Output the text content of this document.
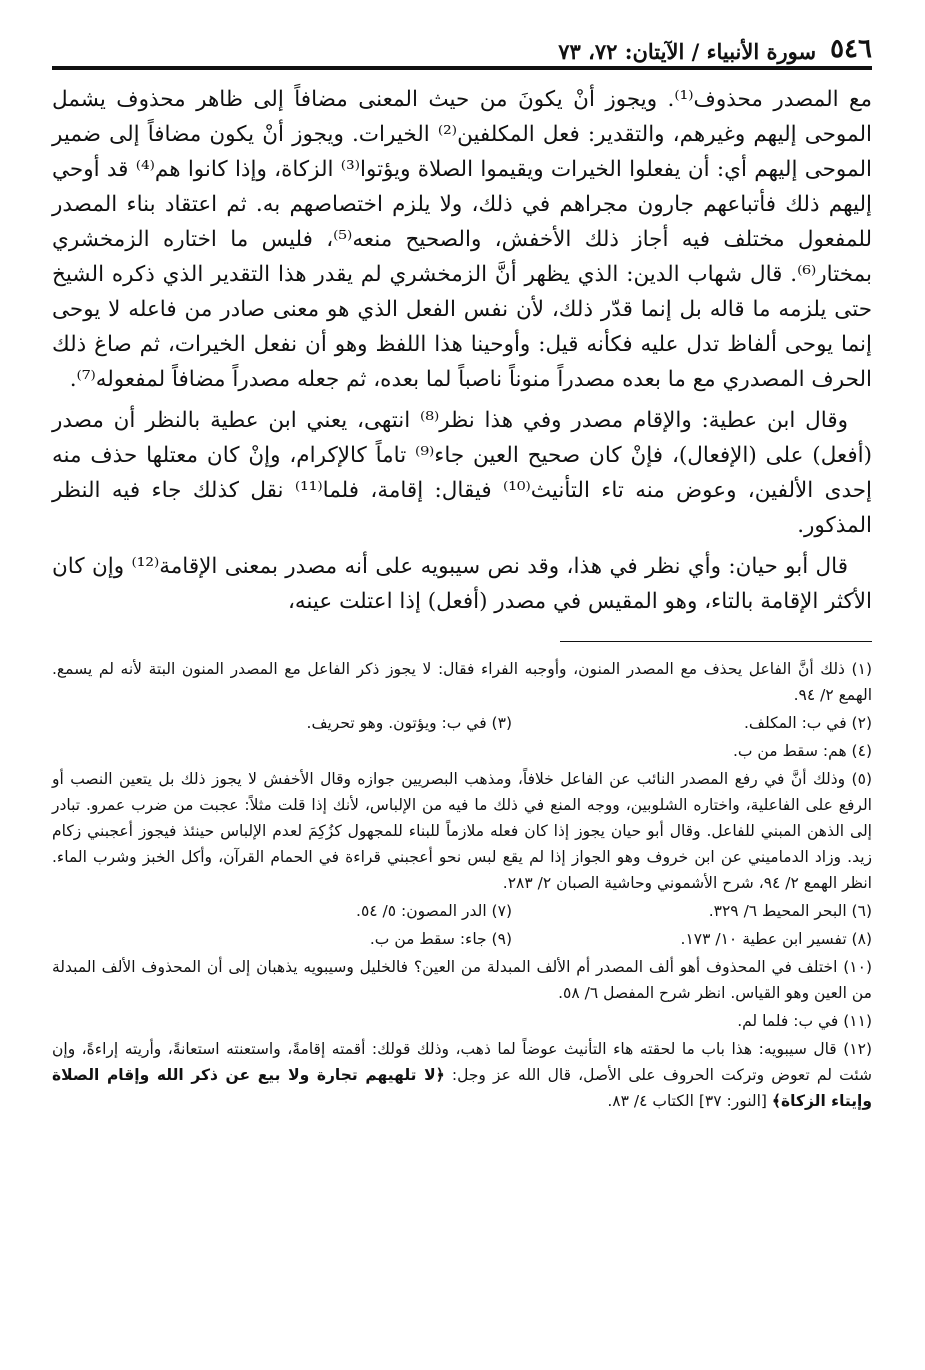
٥٤٦
سورة الأنبياء / الآيتان: ٧٢، ٧٣

مع المصدر محذوف⁽¹⁾. ويجوز أنْ يكونَ من حيث المعنى مضافاً إلى ظاهر محذوف يشمل الموحى إليهم وغيرهم، والتقدير: فعل المكلفين⁽²⁾ الخيرات. ويجوز أنْ يكون مضافاً إلى ضمير الموحى إليهم أي: أن يفعلوا الخيرات ويقيموا الصلاة ويؤتوا⁽³⁾ الزكاة، وإذا كانوا هم⁽⁴⁾ قد أوحي إليهم ذلك فأتباعهم جارون مجراهم في ذلك، ولا يلزم اختصاصهم به. ثم اعتقاد بناء المصدر للمفعول مختلف فيه أجاز ذلك الأخفش، والصحيح منعه⁽⁵⁾، فليس ما اختاره الزمخشري بمختار⁽⁶⁾. قال شهاب الدين: الذي يظهر أنَّ الزمخشري لم يقدر هذا التقدير الذي ذكره الشيخ حتى يلزمه ما قاله بل إنما قدّر ذلك، لأن نفس الفعل الذي هو معنى صادر من فاعله لا يوحى إنما يوحى ألفاظ تدل عليه فكأنه قيل: وأوحينا هذا اللفظ وهو أن نفعل الخيرات، ثم صاغ ذلك الحرف المصدري مع ما بعده مصدراً منوناً ناصباً لما بعده، ثم جعله مصدراً مضافاً لمفعوله⁽⁷⁾.

وقال ابن عطية: والإقام مصدر وفي هذا نظر⁽⁸⁾ انتهى، يعني ابن عطية بالنظر أن مصدر (أفعل) على (الإفعال)، فإنْ كان صحيح العين جاء⁽⁹⁾ تاماً كالإكرام، وإنْ كان معتلها حذف منه إحدى الألفين، وعوض منه تاء التأنيث⁽¹⁰⁾ فيقال: إقامة، فلما⁽¹¹⁾ نقل كذلك جاء فيه النظر المذكور.

قال أبو حيان: وأي نظر في هذا، وقد نص سيبويه على أنه مصدر بمعنى الإقامة⁽¹²⁾ وإن كان الأكثر الإقامة بالتاء، وهو المقيس في مصدر (أفعل) إذا اعتلت عينه،

(١) ذلك أنَّ الفاعل يحذف مع المصدر المنون، وأوجبه الفراء فقال: لا يجوز ذكر الفاعل مع المصدر المنون البتة لأنه لم يسمع. الهمع ٢/ ٩٤.

(٢) في ب: المكلف.
(٣) في ب: ويؤتون. وهو تحريف.

(٤) هم: سقط من ب.

(٥) وذلك أنَّ في رفع المصدر النائب عن الفاعل خلافاً، ومذهب البصريين جوازه وقال الأخفش لا يجوز ذلك بل يتعين النصب أو الرفع على الفاعلية، واختاره الشلوبين، ووجه المنع في ذلك ما فيه من الإلباس، لأنك إذا قلت مثلاً: عجبت من ضرب عمرو. تبادر إلى الذهن المبني للفاعل. وقال أبو حيان يجوز إذا كان فعله ملازماً للبناء للمجهول كزُكِمَ لعدم الإلباس حينئذ فيجوز أعجبني زكام زيد. وزاد الدماميني عن ابن خروف وهو الجواز إذا لم يقع لبس نحو أعجبني قراءة في الحمام القرآن، وأكل الخبز وشرب الماء. انظر الهمع ٢/ ٩٤، شرح الأشموني وحاشية الصبان ٢/ ٢٨٣.

(٦) البحر المحيط ٦/ ٣٢٩.
(٧) الدر المصون: ٥/ ٥٤.
(٨) تفسير ابن عطية ١٠/ ١٧٣.
(٩) جاء: سقط من ب.

(١٠) اختلف في المحذوف أهو ألف المصدر أم الألف المبدلة من العين؟ فالخليل وسيبويه يذهبان إلى أن المحذوف الألف المبدلة من العين وهو القياس. انظر شرح المفصل ٦/ ٥٨.

(١١) في ب: فلما لم.

(١٢) قال سيبويه: هذا باب ما لحقته هاء التأنيث عوضاً لما ذهب، وذلك قولك: أقمته إقامةً، واستعنته استعانةً، وأريته إراءةً، وإن شئت لم تعوض وتركت الحروف على الأصل، قال الله عز وجل: ﴿لا تلهيهم تجارة ولا بيع عن ذكر الله وإقام الصلاة وإيتاء الزكاة﴾ [النور: ٣٧] الكتاب ٤/ ٨٣.
